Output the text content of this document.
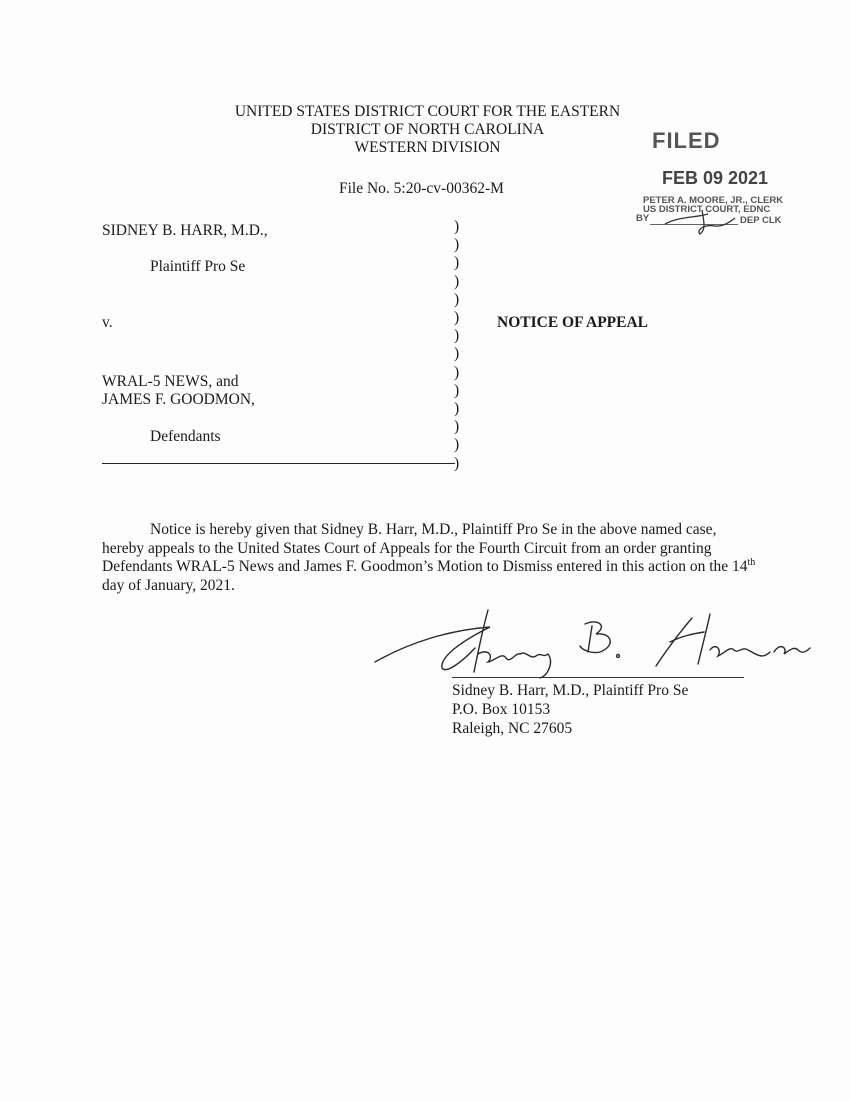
UNITED STATES DISTRICT COURT FOR THE EASTERN
DISTRICT OF NORTH CAROLINA
WESTERN DIVISION
File No. 5:20-cv-00362-M
FILED
FEB 09 2021
PETER A. MOORE, JR., CLERK
US DISTRICT COURT, EDNC
BY	DEP CLK
SIDNEY B. HARR, M.D.,
Plaintiff Pro Se
v.
WRAL-5 NEWS, and
JAMES F. GOODMON,
Defendants
)
)
)
)
)
)
)
)
)
)
)
)
)
)
NOTICE OF APPEAL

Notice is hereby given that Sidney B. Harr, M.D., Plaintiff Pro Se in the above named case, hereby appeals to the United States Court of Appeals for the Fourth Circuit from an order granting Defendants WRAL-5 News and James F. Goodmon’s Motion to Dismiss entered in this action on the 14th day of January, 2021.

Sidney B. Harr, M.D., Plaintiff Pro Se
P.O. Box 10153
Raleigh, NC 27605
